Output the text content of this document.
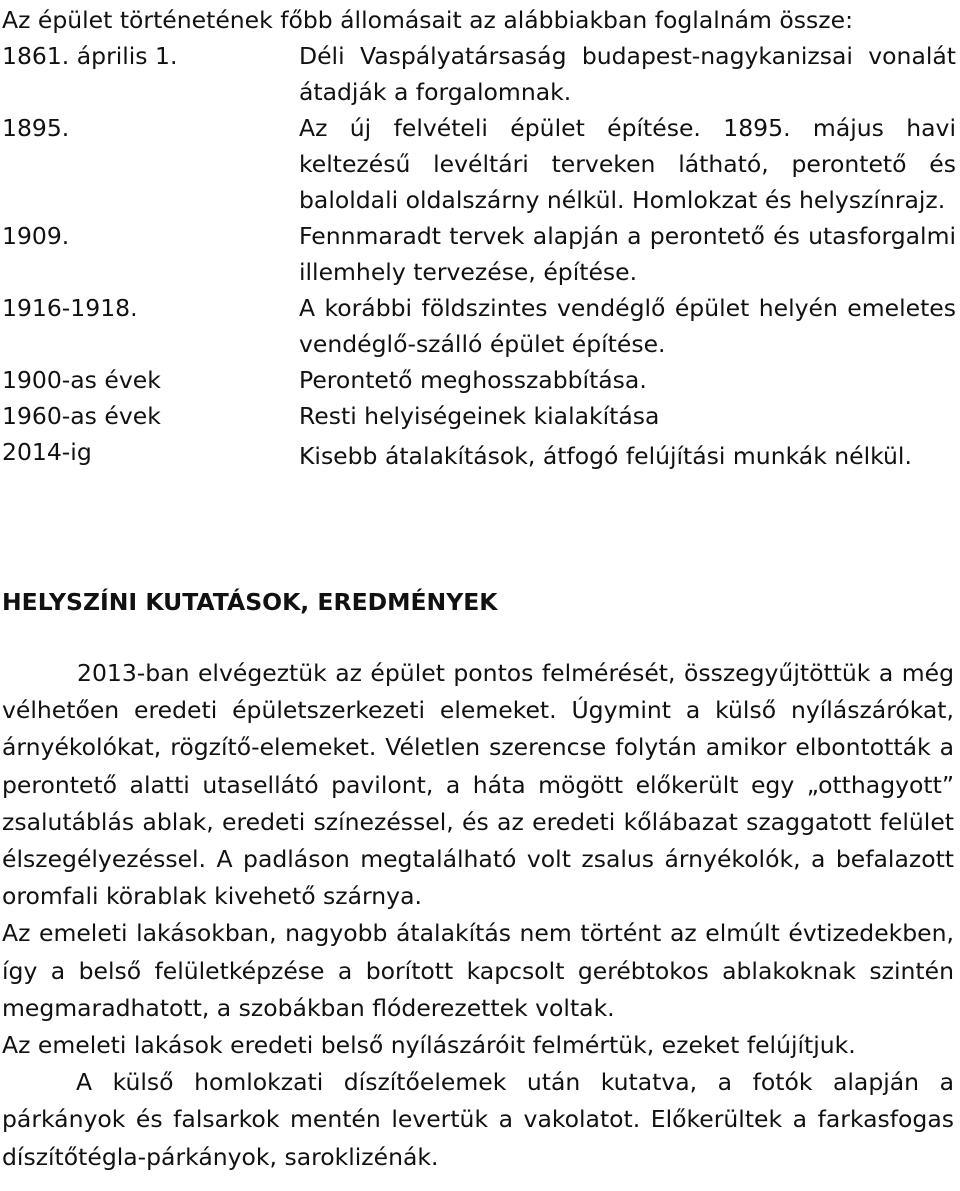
Az épület történetének főbb állomásait az alábbiakban foglalnám össze:
1861. április 1.	Déli Vaspályatársaság budapest-nagykanizsai vonalát átadják a forgalomnak.
1895.	Az új felvételi épület építése. 1895. május havi keltezésű levéltári terveken látható, perontető és baloldali oldalszárny nélkül. Homlokzat és helyszínrajz.
1909.	Fennmaradt tervek alapján a perontető és utasforgalmi illemhely tervezése, építése.
1916-1918.	A korábbi földszintes vendéglő épület helyén emeletes vendéglő-szálló épület építése.
1900-as évek	Perontető meghosszabbítása.
1960-as évek	Resti helyiségeinek kialakítása
2014-ig	Kisebb átalakítások, átfogó felújítási munkák nélkül.
HELYSZÍNI KUTATÁSOK, EREDMÉNYEK

2013-ban elvégeztük az épület pontos felmérését, összegyűjtöttük a még vélhetően eredeti épületszerkezeti elemeket. Úgymint a külső nyílászárókat, árnyékolókat, rögzítő-elemeket. Véletlen szerencse folytán amikor elbontották a perontető alatti utasellátó pavilont, a háta mögött előkerült egy „otthagyott” zsalutáblás ablak, eredeti színezéssel, és az eredeti kőlábazat szaggatott felület élszegélyezéssel. A padláson megtalálható volt zsalus árnyékolók, a befalazott oromfali körablak kivehető szárnya.

Az emeleti lakásokban, nagyobb átalakítás nem történt az elmúlt évtizedekben, így a belső felületképzése a borított kapcsolt gerébtokos ablakoknak szintén megmaradhatott, a szobákban flóderezettek voltak.

Az emeleti lakások eredeti belső nyílászáróit felmértük, ezeket felújítjuk.

A külső homlokzati díszítőelemek után kutatva, a fotók alapján a párkányok és falsarkok mentén levertük a vakolatot. Előkerültek a farkasfogas díszítőtégla-párkányok, saroklizénák.
